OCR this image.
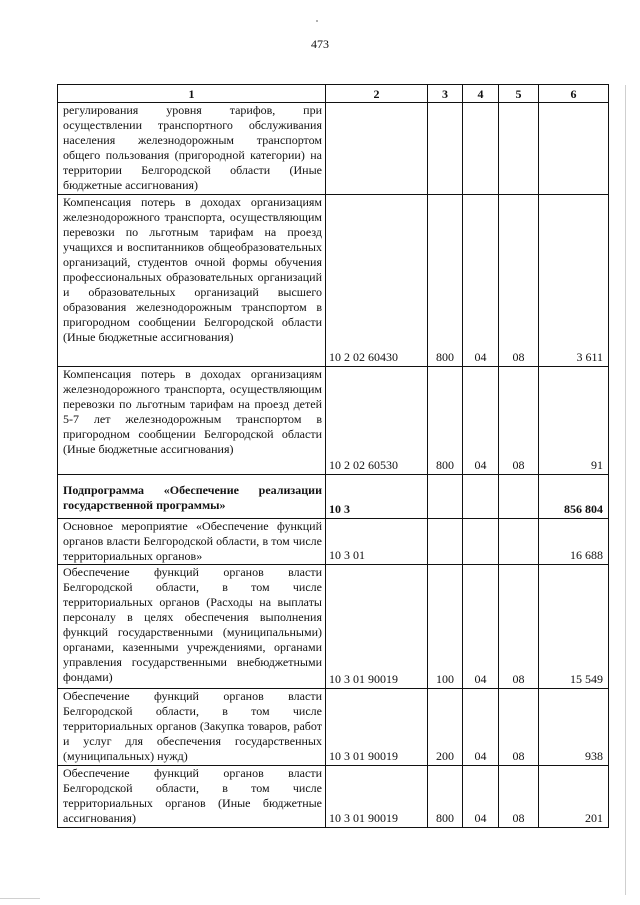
473
1	2	3	4	5	6
регулирования уровня тарифов, при осуществлении транспортного обслуживания населения железнодорожным транспортом общего пользования (пригородной категории) на территории Белгородской области (Иные бюджетные ассигнования)					
Компенсация потерь в доходах организациям железнодорожного транспорта, осуществляющим перевозки по льготным тарифам на проезд учащихся и воспитанников общеобразовательных организаций, студентов очной формы обучения профессиональных образовательных организаций и образовательных организаций высшего образования железнодорожным транспортом в пригородном сообщении Белгородской области (Иные бюджетные ассигнования)	10 2 02 60430	800	04	08	3 611
Компенсация потерь в доходах организациям железнодорожного транспорта, осуществляющим перевозки по льготным тарифам на проезд детей 5-7 лет железнодорожным транспортом в пригородном сообщении Белгородской области (Иные бюджетные ассигнования)	10 2 02 60530	800	04	08	91
Подпрограмма «Обеспечение реализации государственной программы»	10 3				856 804
Основное мероприятие «Обеспечение функций органов власти Белгородской области, в том числе территориальных органов»	10 3 01				16 688
Обеспечение функций органов власти Белгородской области, в том числе территориальных органов (Расходы на выплаты персоналу в целях обеспечения выполнения функций государственными (муниципальными) органами, казенными учреждениями, органами управления государственными внебюджетными фондами)	10 3 01 90019	100	04	08	15 549
Обеспечение функций органов власти Белгородской области, в том числе территориальных органов (Закупка товаров, работ и услуг для обеспечения государственных (муниципальных) нужд)	10 3 01 90019	200	04	08	938
Обеспечение функций органов власти Белгородской области, в том числе территориальных органов (Иные бюджетные ассигнования)	10 3 01 90019	800	04	08	201
